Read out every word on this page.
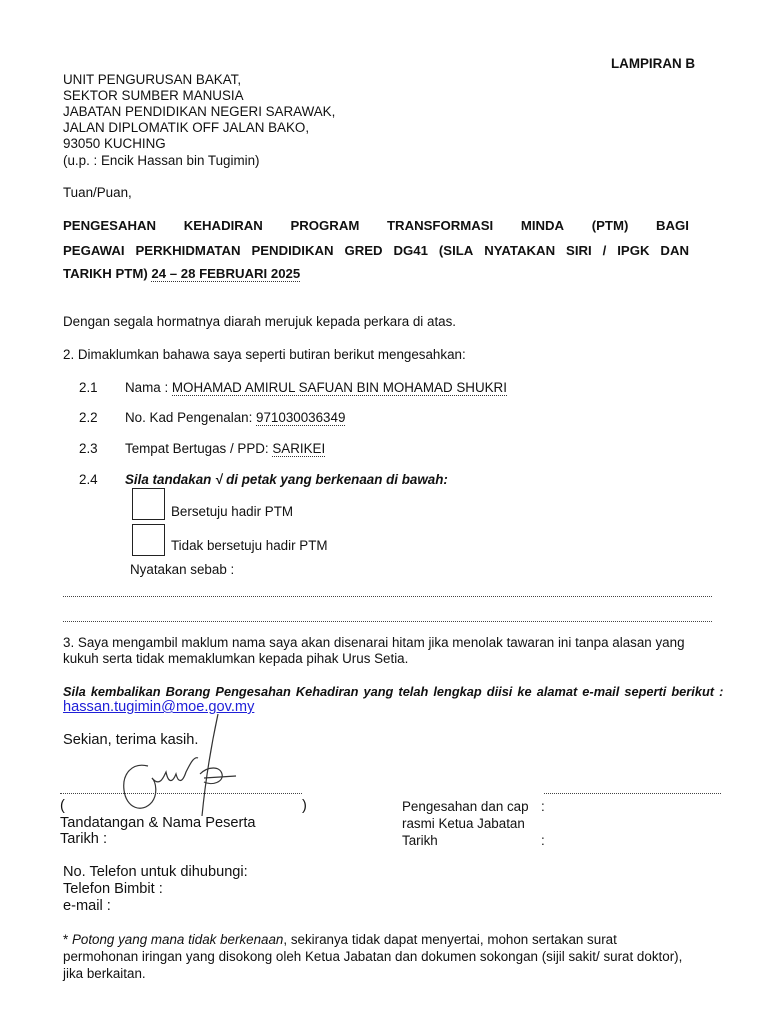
LAMPIRAN B
UNIT PENGURUSAN BAKAT,
SEKTOR SUMBER MANUSIA
JABATAN PENDIDIKAN NEGERI SARAWAK,
JALAN DIPLOMATIK OFF JALAN BAKO,
93050 KUCHING
(u.p. : Encik Hassan bin Tugimin)
Tuan/Puan,
PENGESAHAN KEHADIRAN PROGRAM TRANSFORMASI MINDA (PTM) BAGI
PEGAWAI PERKHIDMATAN PENDIDIKAN GRED DG41 (SILA NYATAKAN SIRI / IPGK DAN
TARIKH PTM) 24 – 28 FEBRUARI 2025
Dengan segala hormatnya diarah merujuk kepada perkara di atas.
2. Dimaklumkan bahawa saya seperti butiran berikut mengesahkan:
2.1 Nama : MOHAMAD AMIRUL SAFUAN BIN MOHAMAD SHUKRI
2.2 No. Kad Pengenalan: 971030036349
2.3 Tempat Bertugas / PPD: SARIKEI
2.4 Sila tandakan √ di petak yang berkenaan di bawah:
Bersetuju hadir PTM
Tidak bersetuju hadir PTM
Nyatakan sebab :
3. Saya mengambil maklum nama saya akan disenarai hitam jika menolak tawaran ini tanpa alasan yang
kukuh serta tidak memaklumkan kepada pihak Urus Setia.
Sila kembalikan Borang Pengesahan Kehadiran yang telah lengkap diisi ke alamat e-mail seperti berikut :
hassan.tugimin@moe.gov.my
Sekian, terima kasih.
(	)
Tandatangan & Nama Peserta
Tarikh :
Pengesahan dan cap :
rasmi Ketua Jabatan
Tarikh	:
No. Telefon untuk dihubungi:
Telefon Bimbit :
e-mail :
* Potong yang mana tidak berkenaan, sekiranya tidak dapat menyertai, mohon sertakan surat
permohonan iringan yang disokong oleh Ketua Jabatan dan dokumen sokongan (sijil sakit/ surat doktor),
jika berkaitan.
